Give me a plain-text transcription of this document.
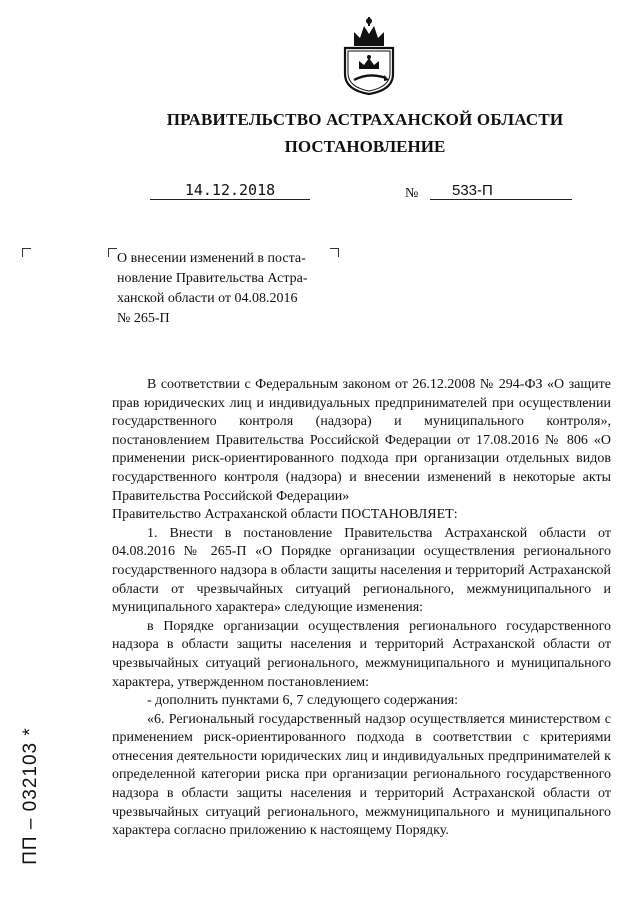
ПРАВИТЕЛЬСТВО АСТРАХАНСКОЙ ОБЛАСТИ
ПОСТАНОВЛЕНИЕ
14.12.2018	№	533-П
О внесении изменений в поста-
новление Правительства Астра-
ханской области от 04.08.2016
№ 265-П

В соответствии с Федеральным законом от 26.12.2008 № 294-ФЗ «О защите прав юридических лиц и индивидуальных предпринимателей при осуществлении государственного контроля (надзора) и муниципального контроля», постановлением Правительства Российской Федерации от 17.08.2016 № 806 «О применении риск-ориентированного подхода при организации отдельных видов государственного контроля (надзора) и внесении изменений в некоторые акты Правительства Российской Федерации»

Правительство Астраханской области ПОСТАНОВЛЯЕТ:

1. Внести в постановление Правительства Астраханской области от 04.08.2016 № 265-П «О Порядке организации осуществления регионального государственного надзора в области защиты населения и территорий Астраханской области от чрезвычайных ситуаций регионального, межмуниципального и муниципального характера» следующие изменения:

в Порядке организации осуществления регионального государственного надзора в области защиты населения и территорий Астраханской области от чрезвычайных ситуаций регионального, межмуниципального и муниципального характера, утвержденном постановлением:

- дополнить пунктами 6, 7 следующего содержания:

«6. Региональный государственный надзор осуществляется министерством с применением риск-ориентированного подхода в соответствии с критериями отнесения деятельности юридических лиц и индивидуальных предпринимателей к определенной категории риска при организации регионального государственного надзора в области защиты населения и территорий Астраханской области от чрезвычайных ситуаций регионального, межмуниципального и муниципального характера согласно приложению к настоящему Порядку.

ПП – 032103 *
